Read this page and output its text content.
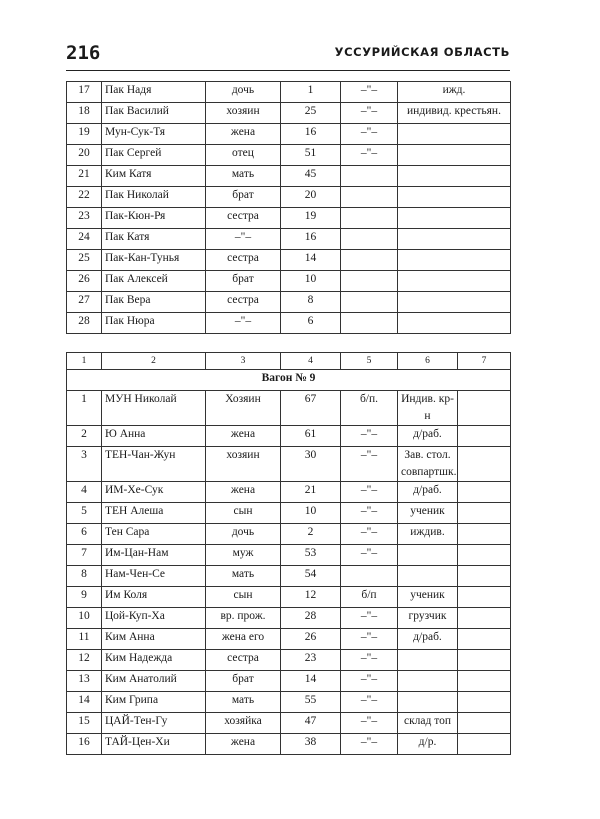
216	УССУРИЙСКАЯ ОБЛАСТЬ
17	Пак Надя	дочь	1	–"–	ижд.
18	Пак Василий	хозяин	25	–"–	индивид. крестьян.
19	Мун-Сук-Тя	жена	16	–"–	
20	Пак Сергей	отец	51	–"–	
21	Ким Катя	мать	45		
22	Пак Николай	брат	20		
23	Пак-Кюн-Ря	сестра	19		
24	Пак Катя	–"–	16		
25	Пак-Кан-Тунья	сестра	14		
26	Пак Алексей	брат	10		
27	Пак Вера	сестра	8		
28	Пак Нюра	–"–	6		
1	2	3	4	5	6	7
Вагон № 9						
1	МУН Николай	Хозяин	67	б/п.	Индив. кр-н	
2	Ю Анна	жена	61	–"–	д/раб.	
3	ТЕН-Чан-Жун	хозяин	30	–"–	Зав. стол. совпартшк.	
4	ИМ-Хе-Сук	жена	21	–"–	д/раб.	
5	ТЕН Алеша	сын	10	–"–	ученик	
6	Тен Сара	дочь	2	–"–	иждив.	
7	Им-Цан-Нам	муж	53	–"–		
8	Нам-Чен-Се	мать	54			
9	Им Коля	сын	12	б/п	ученик	
10	Цой-Куп-Ха	вр. прож.	28	–"–	грузчик	
11	Ким Анна	жена его	26	–"–	д/раб.	
12	Ким Надежда	сестра	23	–"–		
13	Ким Анатолий	брат	14	–"–		
14	Ким Грипа	мать	55	–"–		
15	ЦАЙ-Тен-Гу	хозяйка	47	–"–	склад топ	
16	ТАЙ-Цен-Хи	жена	38	–"–	д/р.	
